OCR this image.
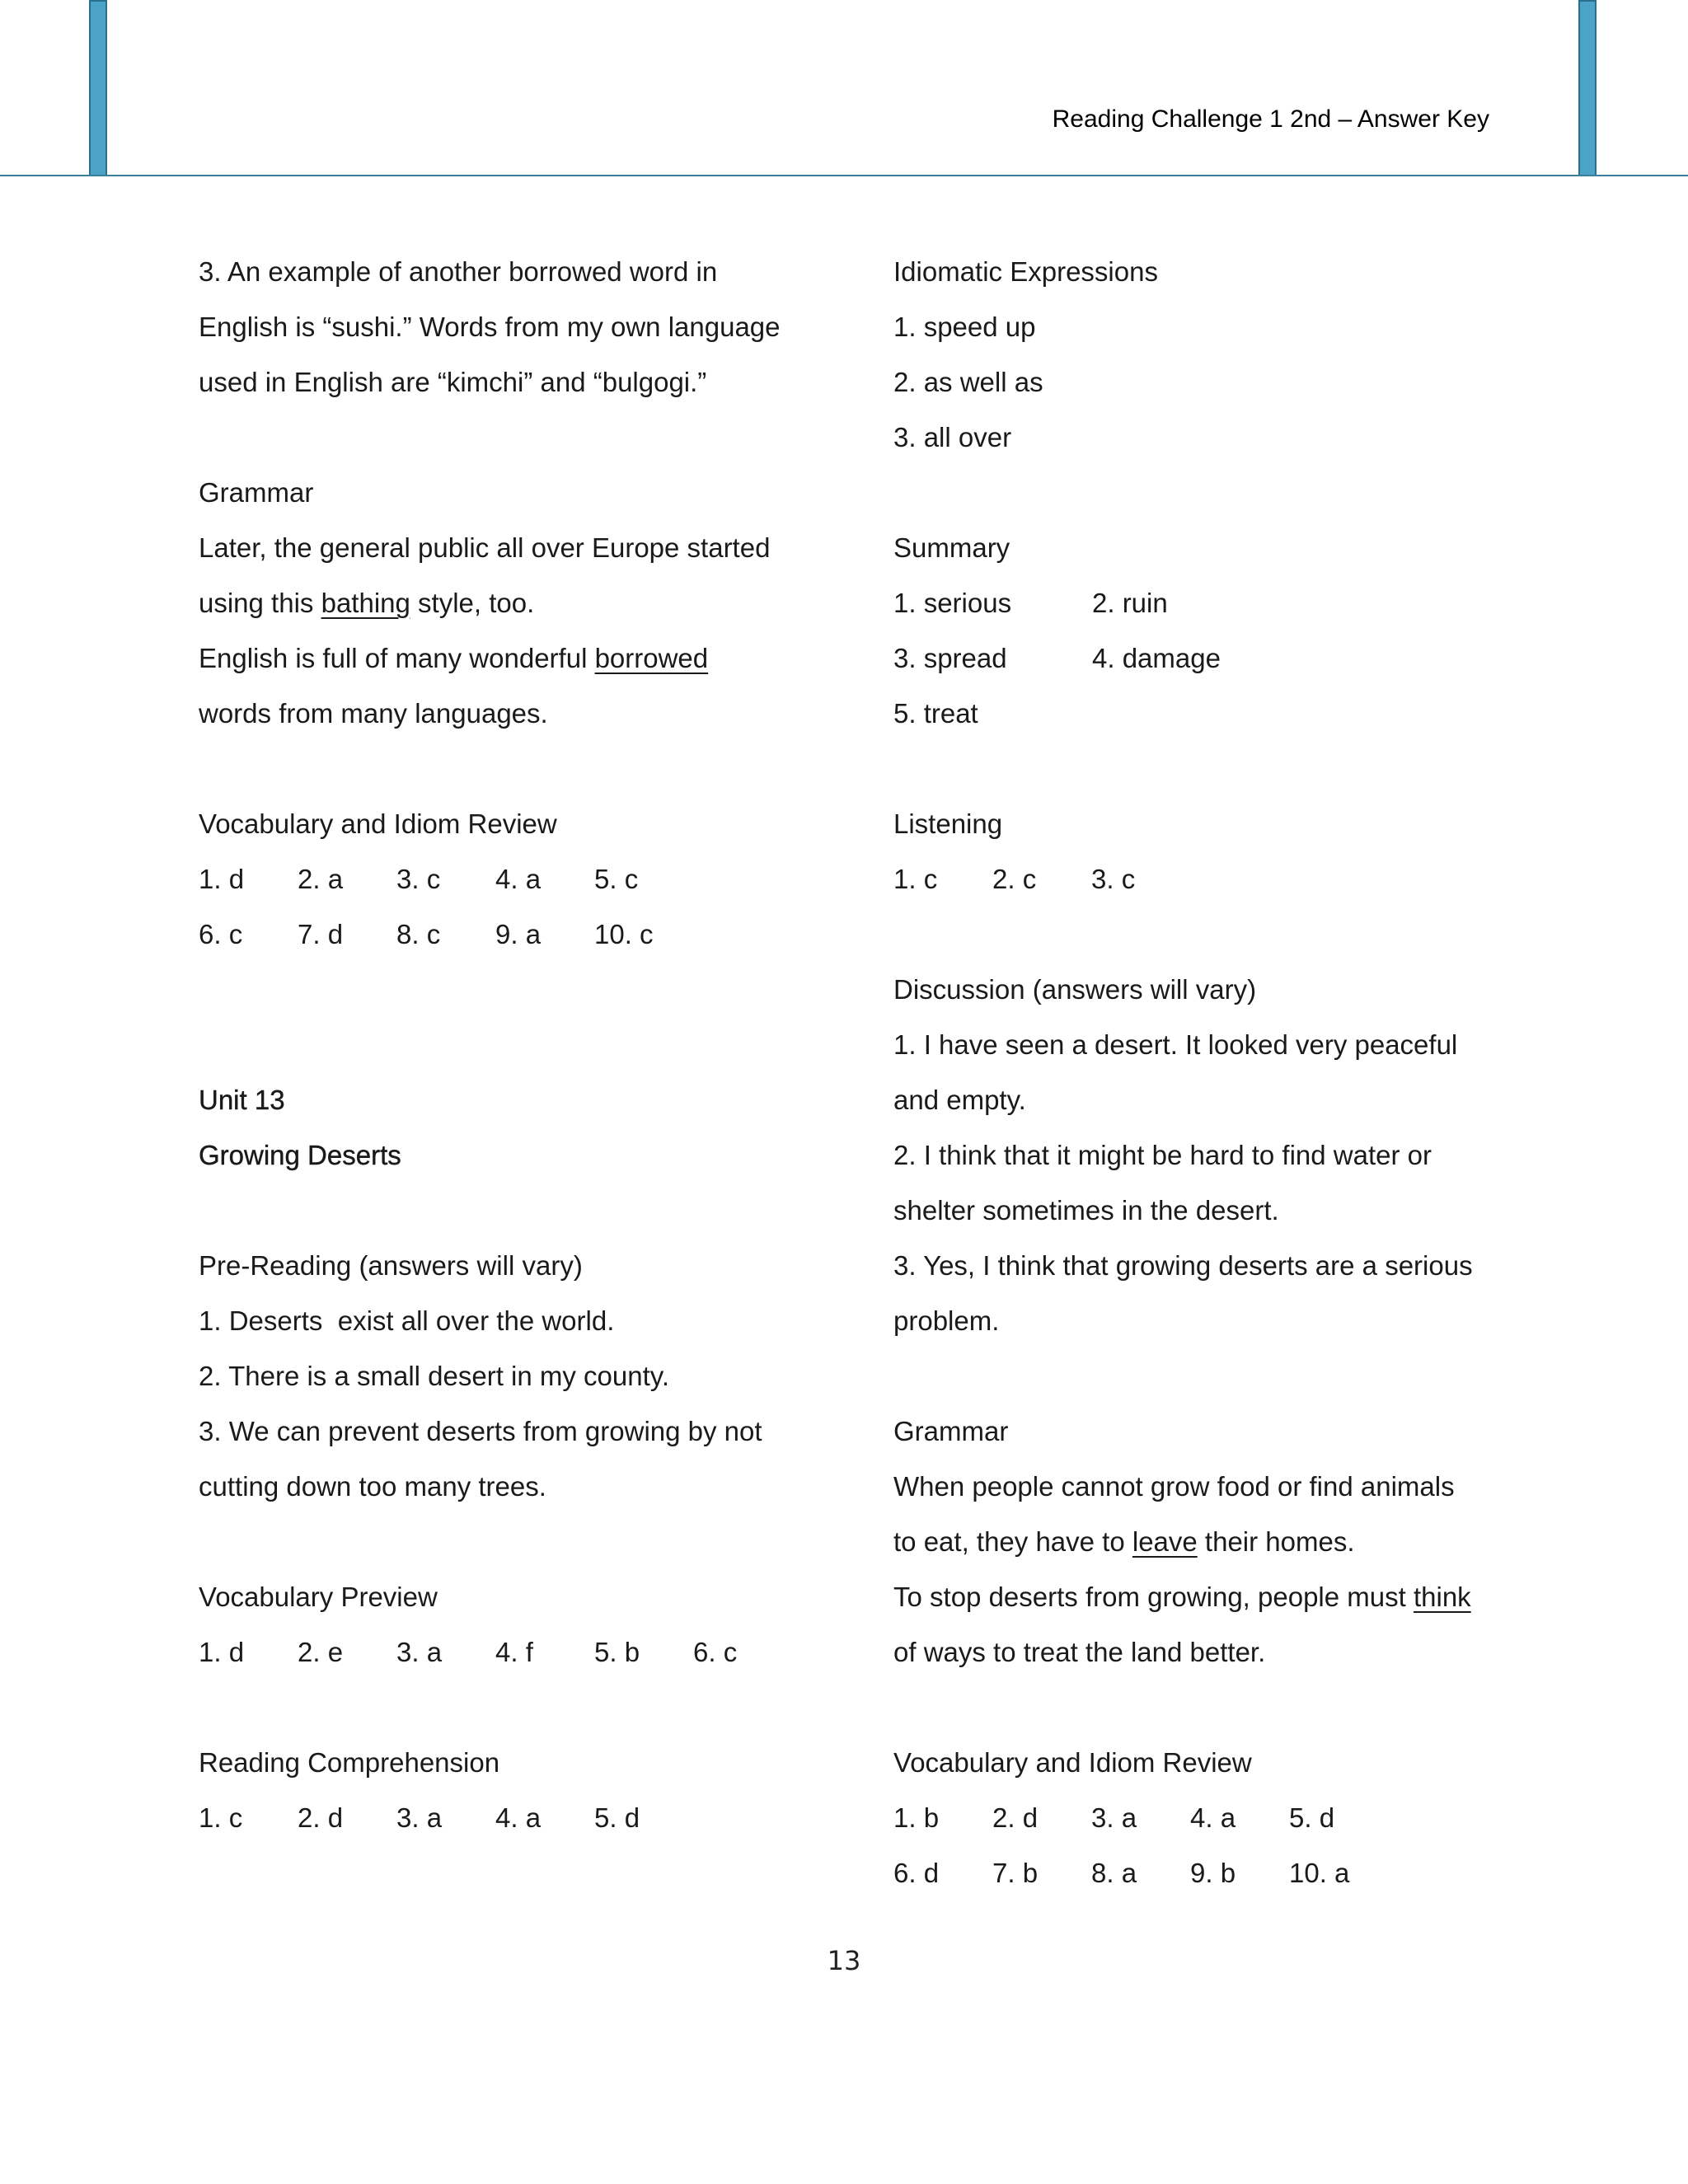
Reading Challenge 1 2nd – Answer Key
3. An example of another borrowed word in
English is “sushi.” Words from my own language
used in English are “kimchi” and “bulgogi.”
Grammar
Later, the general public all over Europe started
using this bathing style, too.
English is full of many wonderful borrowed
words from many languages.
Vocabulary and Idiom Review
1. d 2. a 3. c 4. a 5. c
6. c 7. d 8. c 9. a 10. c
Unit 13
Growing Deserts
Pre-Reading (answers will vary)
1. Deserts  exist all over the world.
2. There is a small desert in my county.
3. We can prevent deserts from growing by not
cutting down too many trees.
Vocabulary Preview
1. d 2. e 3. a 4. f 5. b 6. c
Reading Comprehension
1. c 2. d 3. a 4. a 5. d
Idiomatic Expressions
1. speed up
2. as well as
3. all over
Summary
1. serious	2. ruin
3. spread	4. damage
5. treat
Listening
1. c 2. c 3. c
Discussion (answers will vary)
1. I have seen a desert. It looked very peaceful
and empty.
2. I think that it might be hard to find water or
shelter sometimes in the desert.
3. Yes, I think that growing deserts are a serious
problem.
Grammar
When people cannot grow food or find animals
to eat, they have to leave their homes.
To stop deserts from growing, people must think
of ways to treat the land better.
Vocabulary and Idiom Review
1. b 2. d 3. a 4. a 5. d
6. d 7. b 8. a 9. b 10. a
13
